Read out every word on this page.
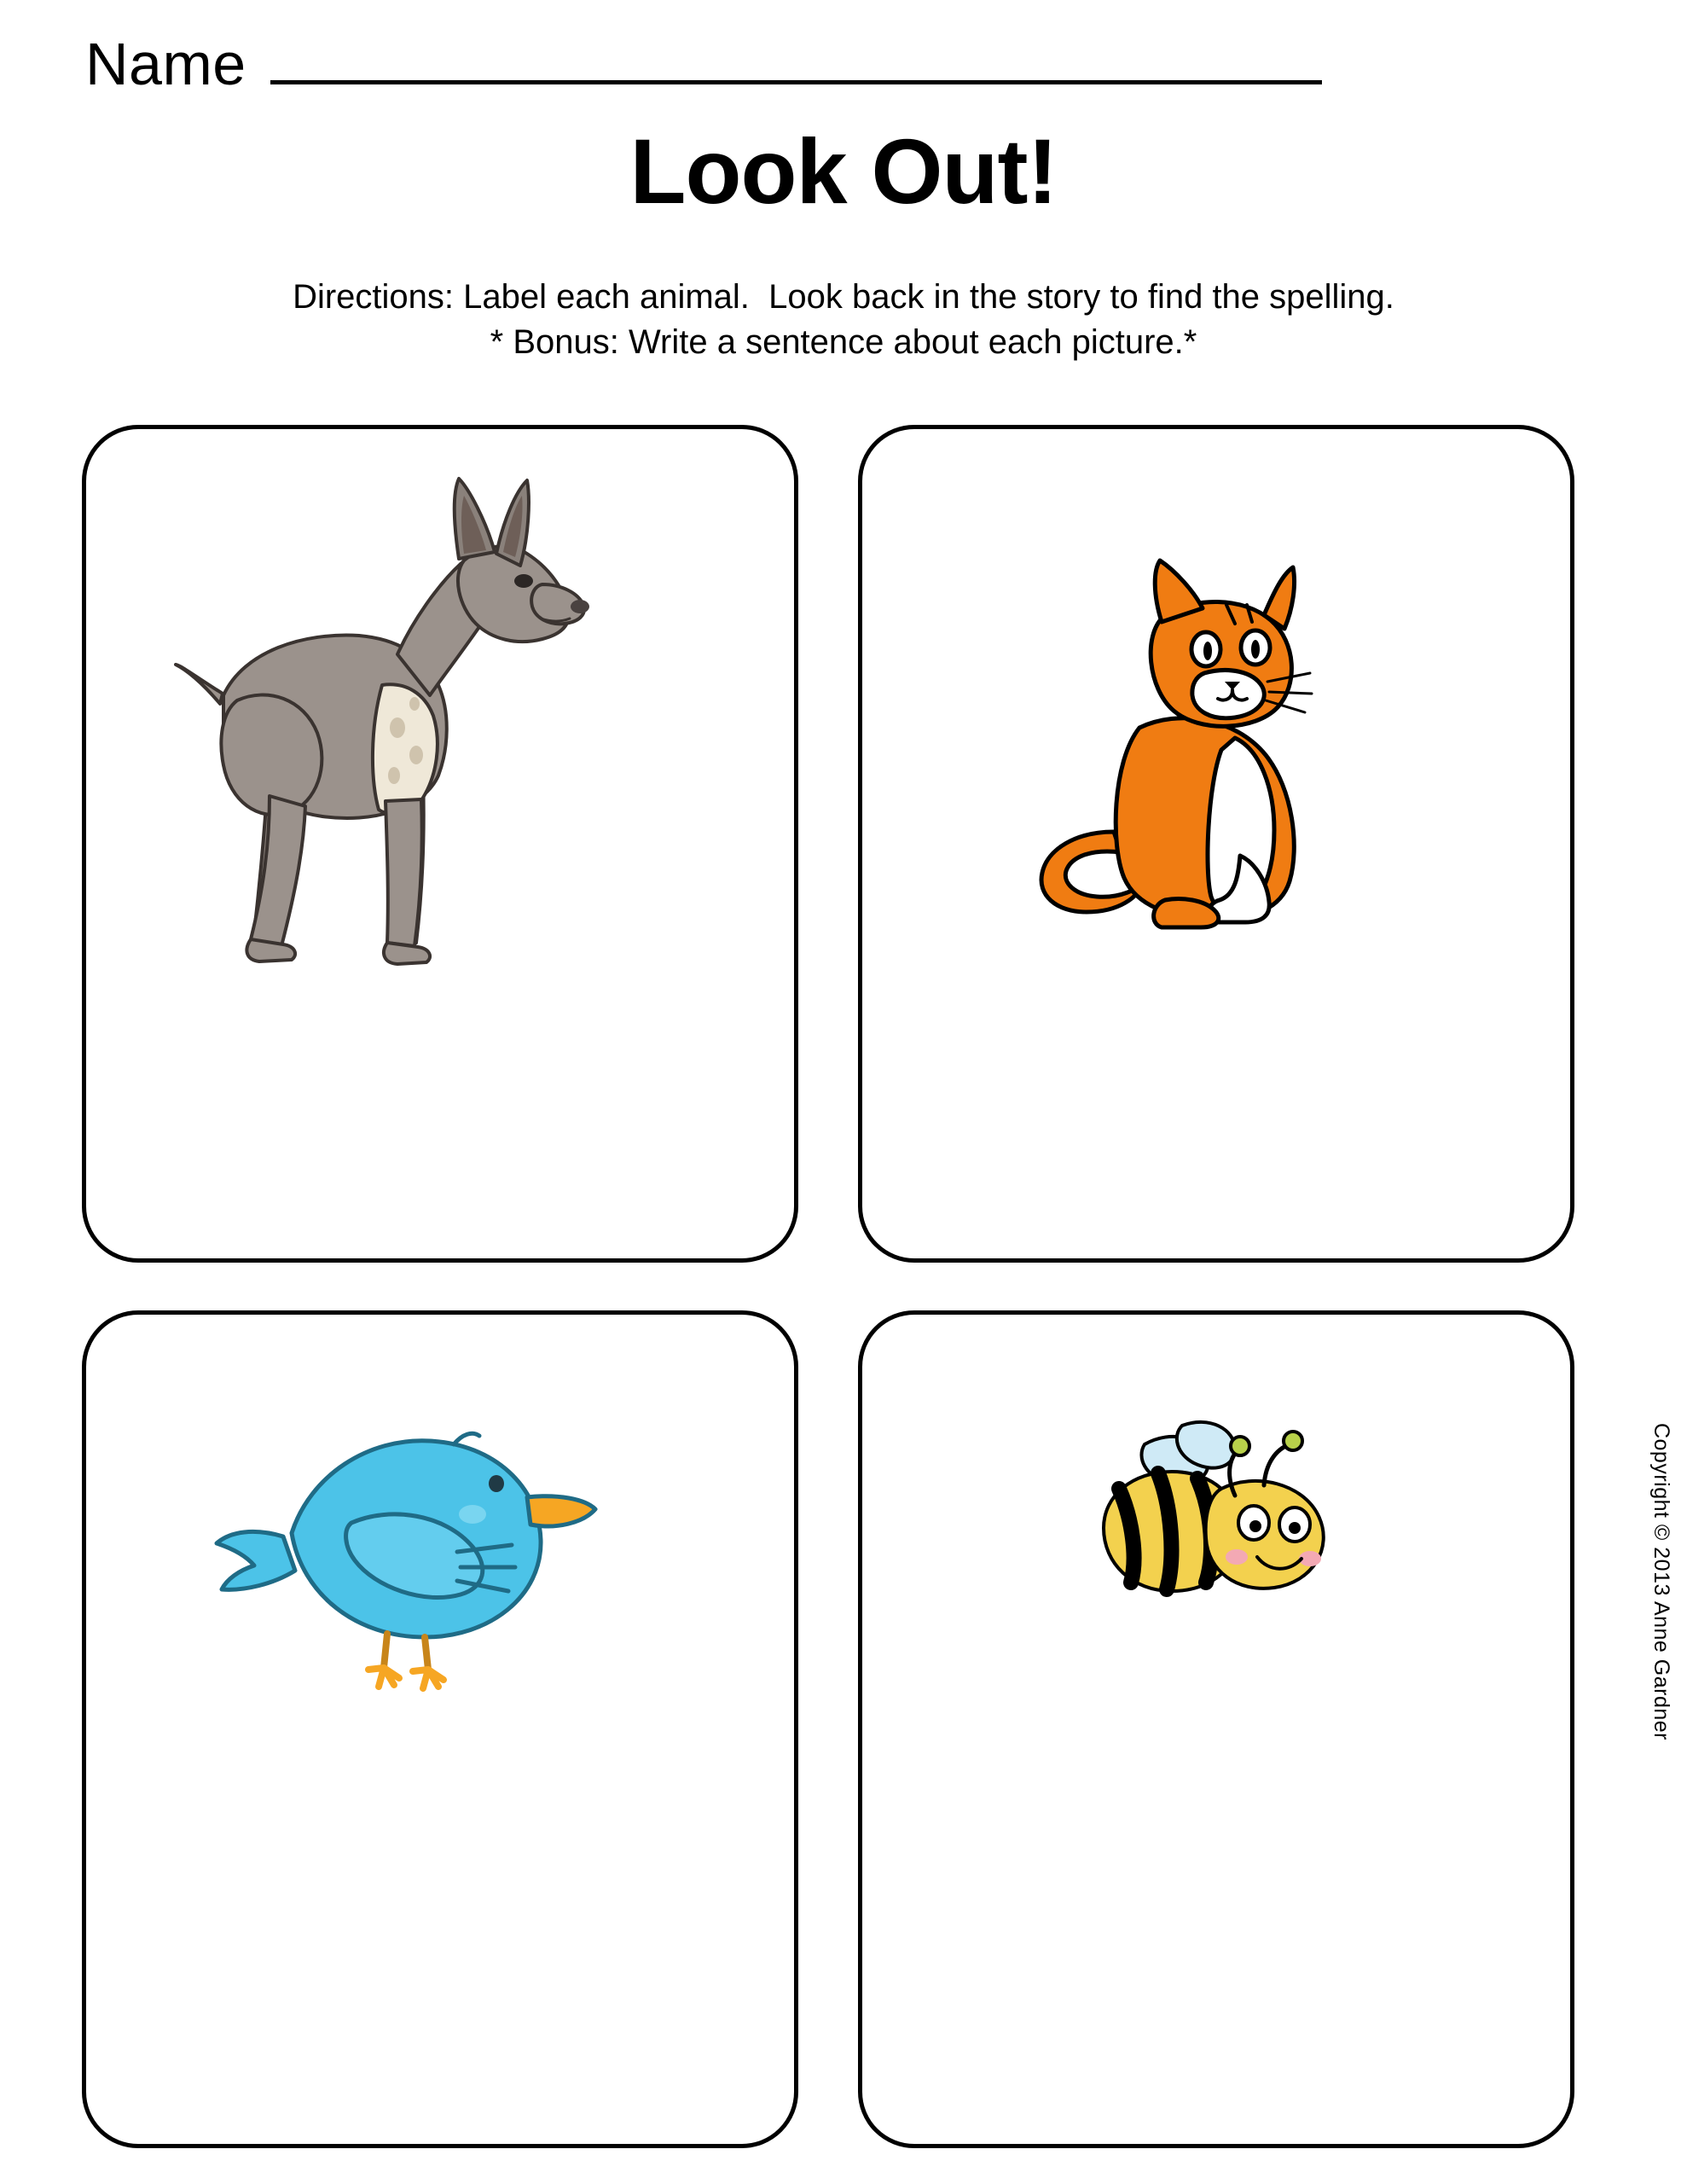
Name
Look Out!
Directions: Label each animal.  Look back in the story to find the spelling.
* Bonus: Write a sentence about each picture.*
Copyright © 2013 Anne Gardner
